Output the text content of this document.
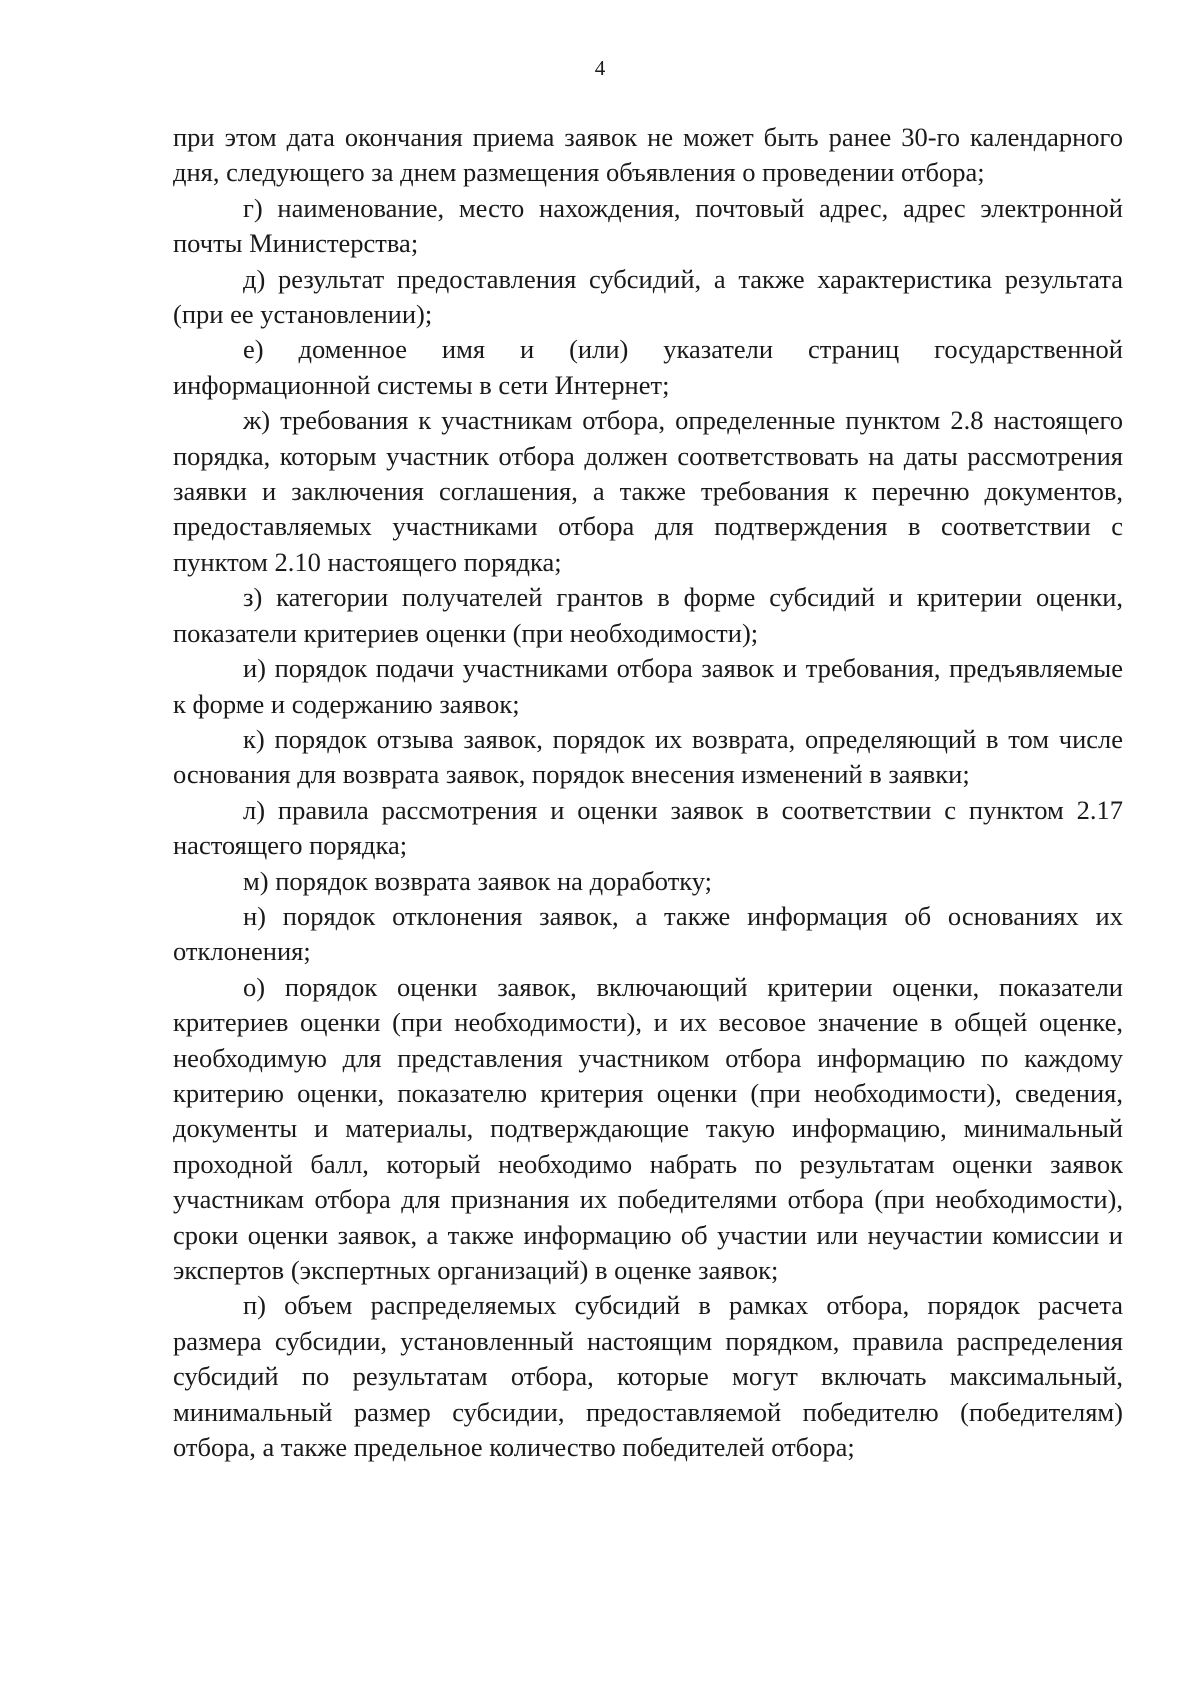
4

при этом дата окончания приема заявок не может быть ранее 30-го календарного дня, следующего за днем размещения объявления о проведении отбора;

г) наименование, место нахождения, почтовый адрес, адрес электронной почты Министерства;

д) результат предоставления субсидий, а также характеристика результата (при ее установлении);

е) доменное имя и (или) указатели страниц государственной информационной системы в сети Интернет;

ж) требования к участникам отбора, определенные пунктом 2.8 настоящего порядка, которым участник отбора должен соответствовать на даты рассмотрения заявки и заключения соглашения, а также требования к перечню документов, предоставляемых участниками отбора для подтверждения в соответствии с пунктом 2.10 настоящего порядка;

з) категории получателей грантов в форме субсидий и критерии оценки, показатели критериев оценки (при необходимости);

и) порядок подачи участниками отбора заявок и требования, предъявляемые к форме и содержанию заявок;

к) порядок отзыва заявок, порядок их возврата, определяющий в том числе основания для возврата заявок, порядок внесения изменений в заявки;

л) правила рассмотрения и оценки заявок в соответствии с пунктом 2.17 настоящего порядка;

м) порядок возврата заявок на доработку;

н) порядок отклонения заявок, а также информация об основаниях их отклонения;

о) порядок оценки заявок, включающий критерии оценки, показатели критериев оценки (при необходимости), и их весовое значение в общей оценке, необходимую для представления участником отбора информацию по каждому критерию оценки, показателю критерия оценки (при необходимости), сведения, документы и материалы, подтверждающие такую информацию, минимальный проходной балл, который необходимо набрать по результатам оценки заявок участникам отбора для признания их победителями отбора (при необходимости), сроки оценки заявок, а также информацию об участии или неучастии комиссии и экспертов (экспертных организаций) в оценке заявок;

п) объем распределяемых субсидий в рамках отбора, порядок расчета размера субсидии, установленный настоящим порядком, правила распределения субсидий по результатам отбора, которые могут включать максимальный, минимальный размер субсидии, предоставляемой победителю (победителям) отбора, а также предельное количество победителей отбора;
